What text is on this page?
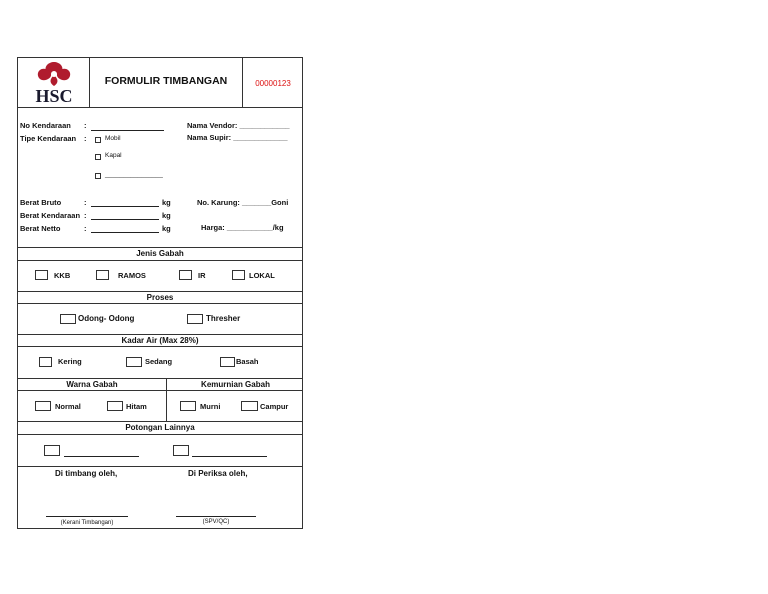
HSC
FORMULIR TIMBANGAN	00000123
No Kendaraan :
Tipe Kendaraan :	Mobil
Kapal
________________
Nama Vendor: ____________
Nama Supir: _____________
Berat Bruto	:	kg
Berat Kendaraan :	kg
Berat Netto	:	kg
No. Karung: _______Goni
Harga: ___________/kg
Jenis Gabah
KKB	RAMOS	IR	LOKAL
Proses
Odong- Odong	Thresher
Kadar Air (Max 28%)
Kering	Sedang	Basah
Warna Gabah	Kemurnian Gabah
Normal	Hitam	Murni	Campur
Potongan Lainnya
Di timbang oleh,	Di Periksa oleh,
(Kerani Timbangan)	(SPV/QC)
